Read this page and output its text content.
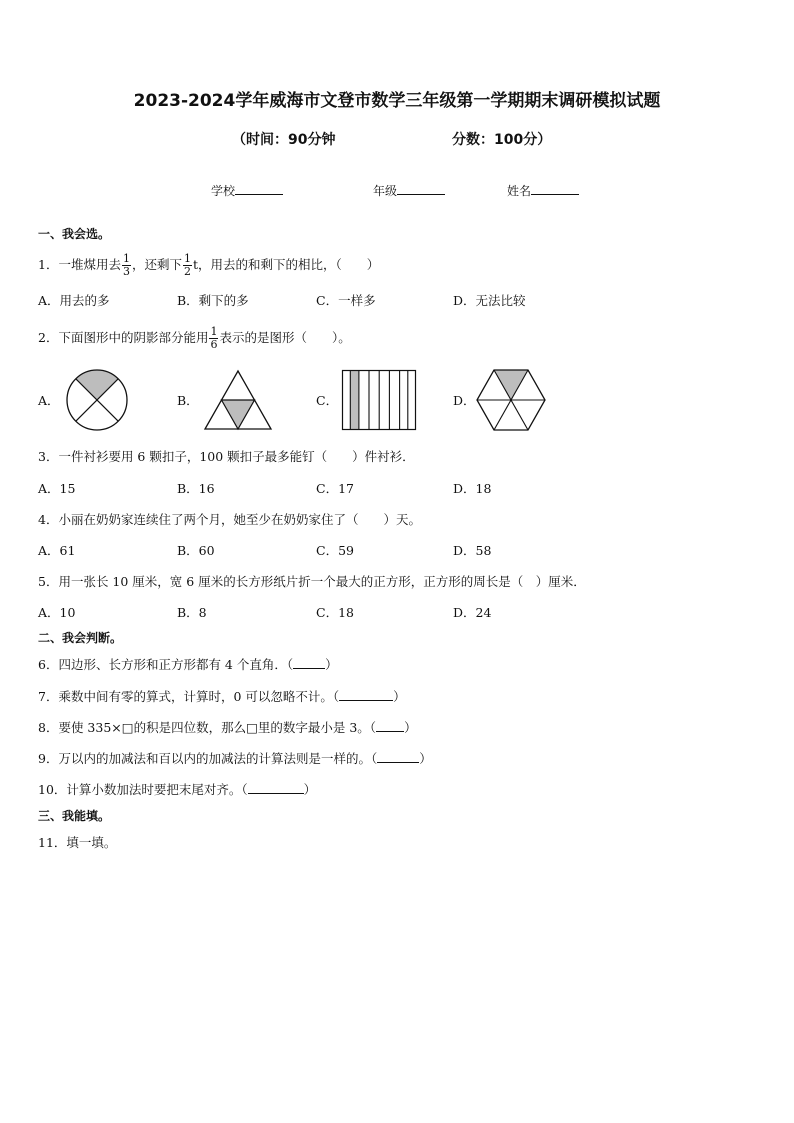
2023-2024学年威海市文登市数学三年级第一学期期末调研模拟试题
（时间：90分钟	分数：100分）
学校	年级	姓名
一、我会选。
1．一堆煤用去 $\frac{1}{3}$ ，还剩下 $\frac{1}{2}$ t，用去的和剩下的相比，（　　）
A．用去的多	B．剩下的多	C．一样多	D．无法比较
2．下面图形中的阴影部分能用 $\frac{1}{6}$ 表示的是图形（　　）。
A．	B．	C．	D．
3．一件衬衫要用 6 颗扣子，100 颗扣子最多能钉（　　）件衬衫．
A．15	B．16	C．17	D．18
4．小丽在奶奶家连续住了两个月，她至少在奶奶家住了（　　）天。
A．61	B．60	C．59	D．58
5．用一张长 10 厘米，宽 6 厘米的长方形纸片折一个最大的正方形，正方形的周长是（　）厘米．
A．10	B．8	C．18	D．24
二、我会判断。
6．四边形、长方形和正方形都有 4 个直角．（	）
7．乘数中间有零的算式，计算时，0 可以忽略不计。（	）
8．要使 335×□的积是四位数，那么□里的数字最小是 3。（ ）
9．万以内的加减法和百以内的加减法的计算法则是一样的。（	）
10．计算小数加法时要把末尾对齐。（	）
三、我能填。
11．填一填。
